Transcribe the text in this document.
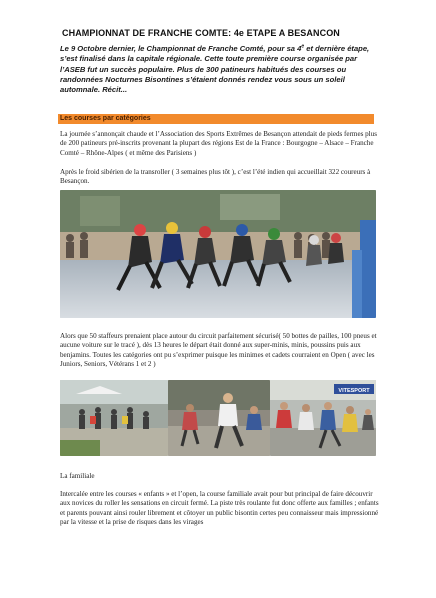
CHAMPIONNAT DE FRANCHE COMTE: 4e ETAPE A BESANCON
Le 9 Octobre dernier, le Championnat de Franche Comté, pour sa 4e et dernière étape, s’est finalisé dans la capitale régionale. Cette toute première course organisée par l’ASEB fut un succès populaire. Plus de 300 patineurs habitués des courses ou randonnées Nocturnes Bisontines s’étaient donnés rendez vous sous un soleil automnale. Récit...
Les courses par catégories
La journée s’annonçait chaude et l’Association des Sports Extrêmes de Besançon attendait de pieds fermes plus de 200 patineurs pré-inscrits provenant la plupart des régions Est de la France : Bourgogne – Alsace – Franche Comté – Rhône-Alpes ( et même des Parisiens )
Après le froid sibérien de la transroller ( 3 semaines plus tôt ), c’est l’été indien qui accueillait 322 coureurs à Besançon.
Alors que 50 staffeurs prenaient place autour du circuit parfaitement sécurisé( 50 bottes de pailles, 100 pneus et aucune voiture sur le tracé ), dès 13 heures le départ était donné aux super-minis, minis, poussins puis aux benjamins. Toutes les catégories ont pu s’exprimer puisque les minimes et cadets courraient en Open ( avec les Juniors, Seniors, Vétérans 1 et 2 )
VITESPORT
La familiale
Intercalée entre les courses « enfants » et l’open, la course familiale avait pour but principal de faire découvrir aux novices du roller les sensations en circuit fermé. La piste très roulante fut donc offerte aux familles ; enfants et parents pouvant ainsi rouler librement et côtoyer un public bisontin certes peu connaisseur mais impressionné par la vitesse et la prise de risques dans les virages
